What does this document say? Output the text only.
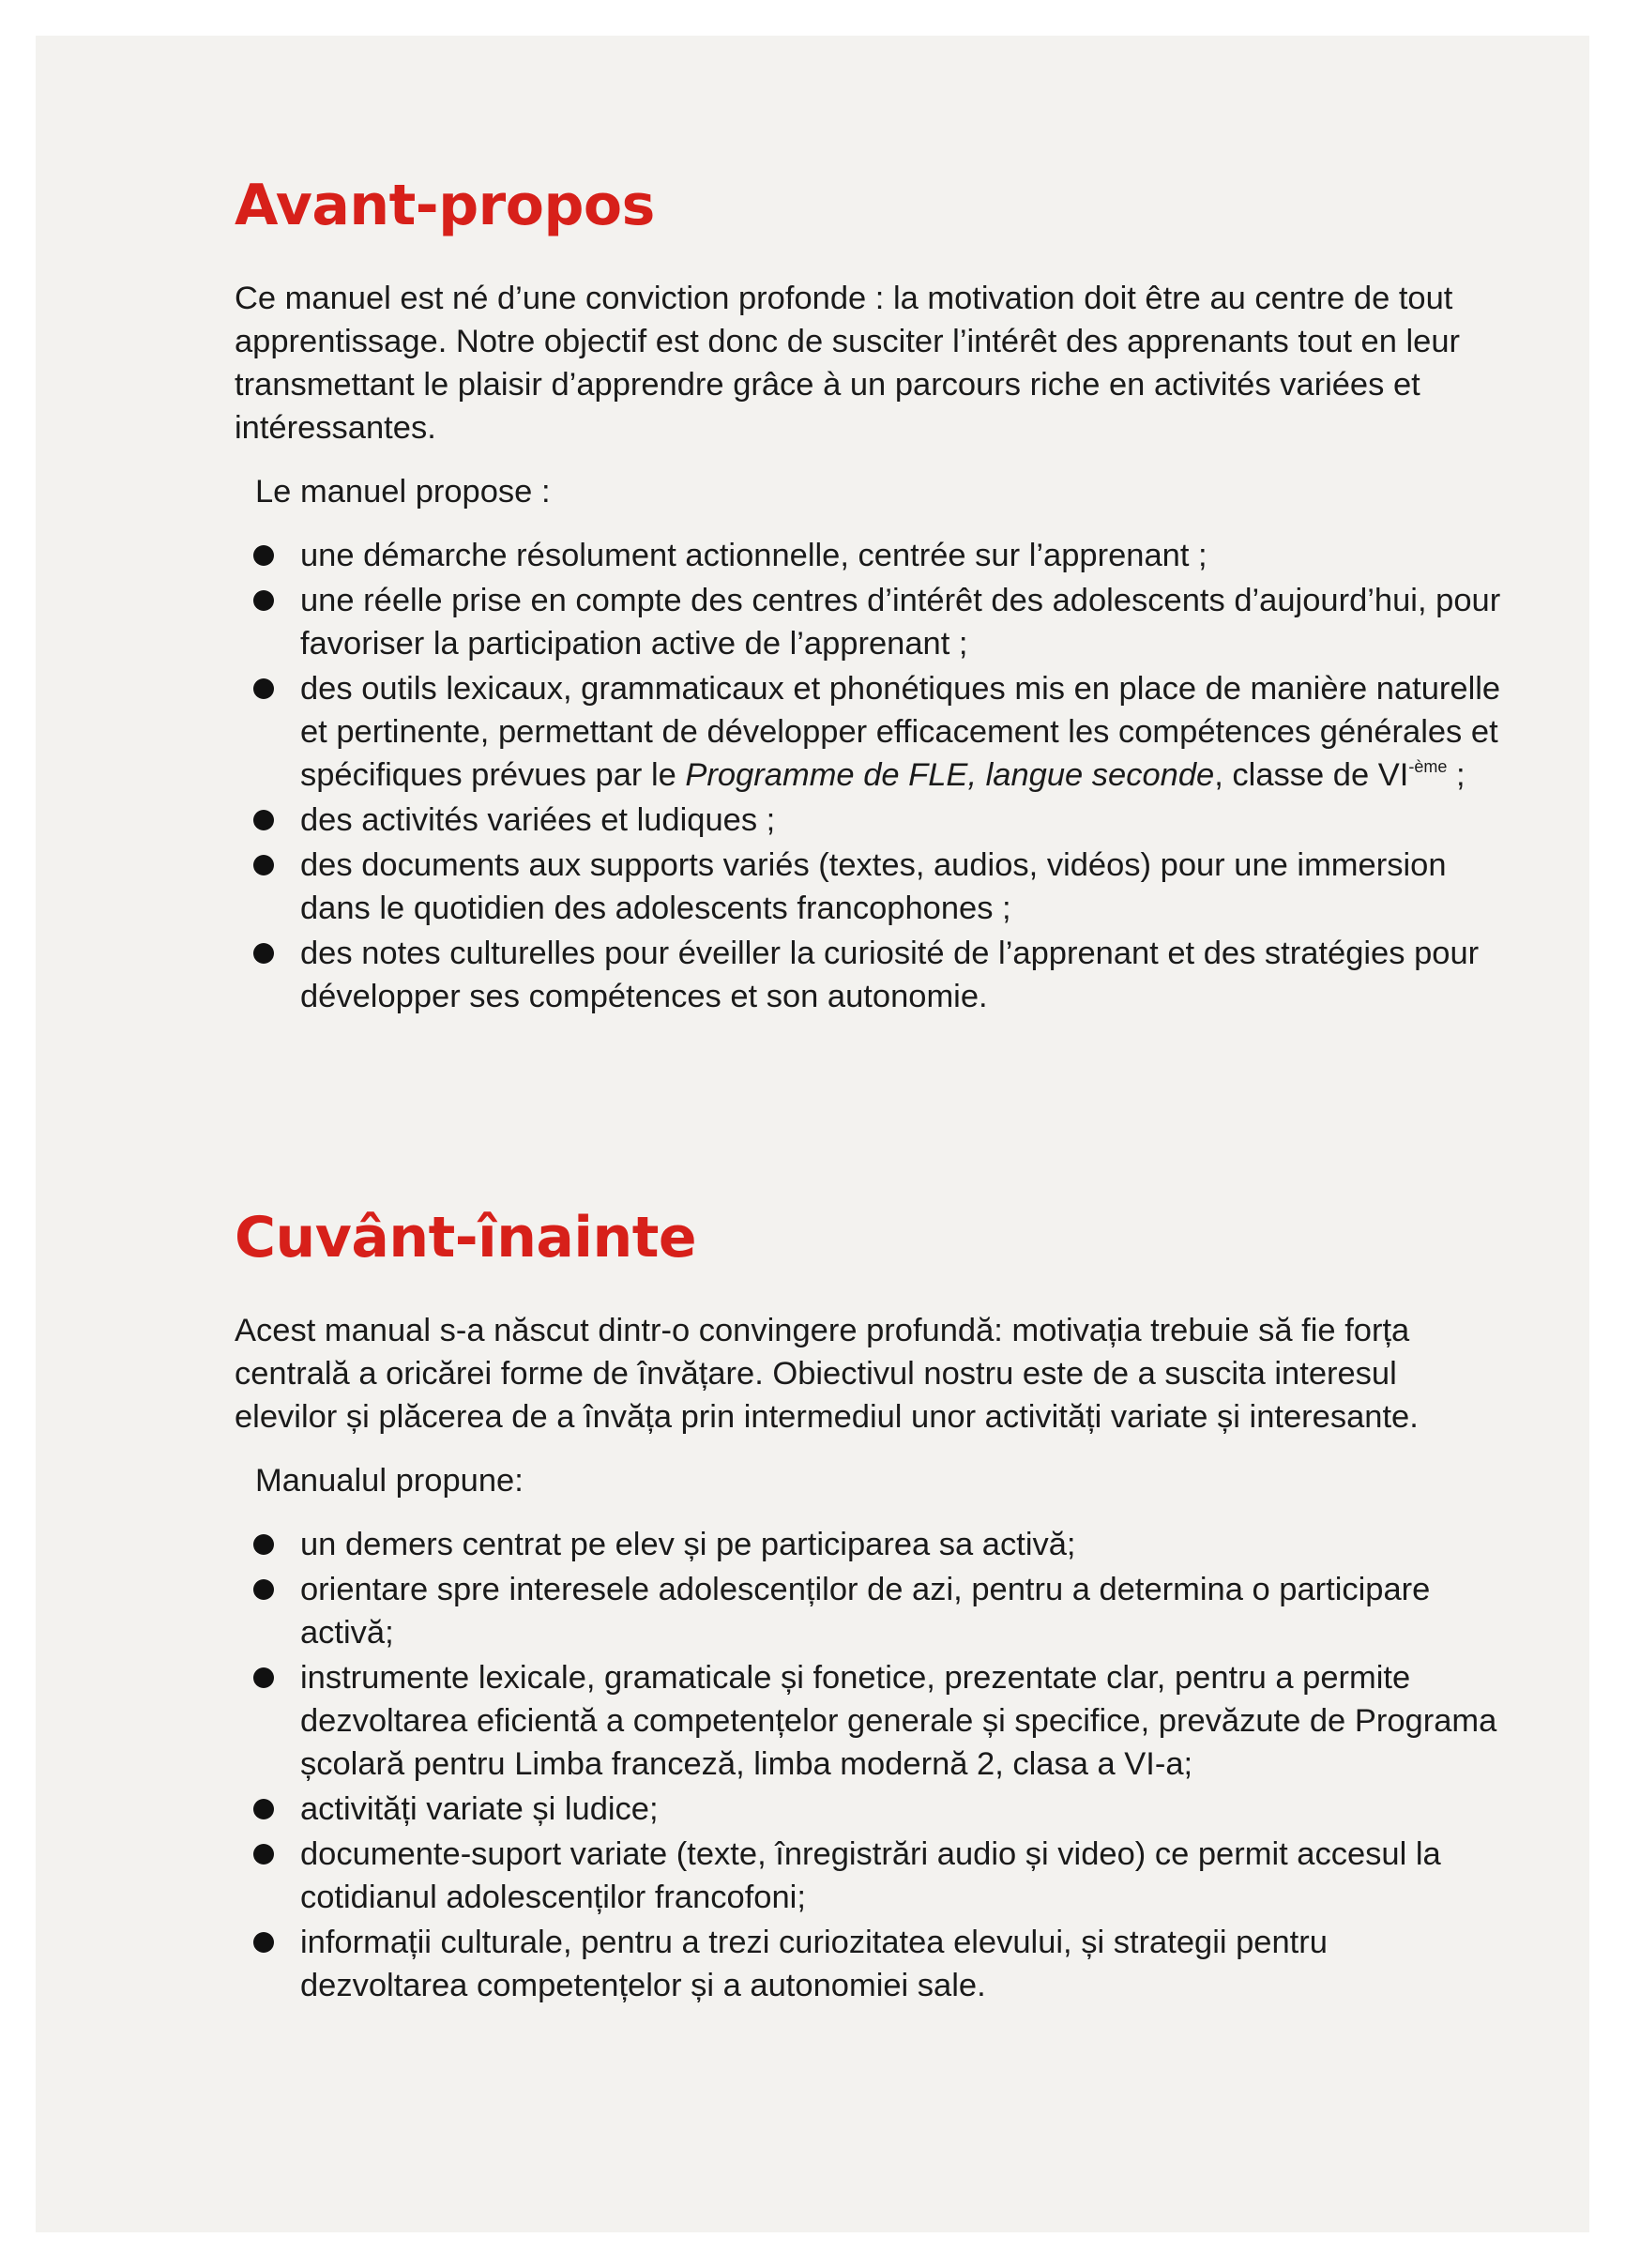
Avant-propos

Ce manuel est né d’une conviction profonde : la motivation doit être au centre de tout apprentissage. Notre objectif est donc de susciter l’intérêt des apprenants tout en leur transmettant le plaisir d’apprendre grâce à un parcours riche en activités variées et intéressantes.

Le manuel propose :

une démarche résolument actionnelle, centrée sur l’apprenant ;
une réelle prise en compte des centres d’intérêt des adolescents d’aujourd’hui, pour favoriser la participation active de l’apprenant ;
des outils lexicaux, grammaticaux et phonétiques mis en place de manière naturelle et pertinente, permettant de développer efficacement les compétences générales et spécifiques prévues par le Programme de FLE, langue seconde, classe de $VI^{-ème}$ ;
des activités variées et ludiques ;
des documents aux supports variés (textes, audios, vidéos) pour une immersion dans le quotidien des adolescents francophones ;
des notes culturelles pour éveiller la curiosité de l’apprenant et des stratégies pour développer ses compétences et son autonomie.
Cuvânt-înainte

Acest manual s-a născut dintr-o convingere profundă: motivația trebuie să fie forța centrală a oricărei forme de învățare. Obiectivul nostru este de a suscita interesul elevilor și plăcerea de a învăța prin intermediul unor activități variate și interesante.

Manualul propune:

un demers centrat pe elev și pe participarea sa activă;
orientare spre interesele adolescenților de azi, pentru a determina o participare activă;
instrumente lexicale, gramaticale și fonetice, prezentate clar, pentru a permite dezvoltarea eficientă a competențelor generale și specifice, prevăzute de Programa școlară pentru Limba franceză, limba modernă 2, clasa a VI-a;
activități variate și ludice;
documente-suport variate (texte, înregistrări audio și video) ce permit accesul la cotidianul adolescenților francofoni;
informații culturale, pentru a trezi curiozitatea elevului, și strategii pentru dezvoltarea competențelor și a autonomiei sale.
